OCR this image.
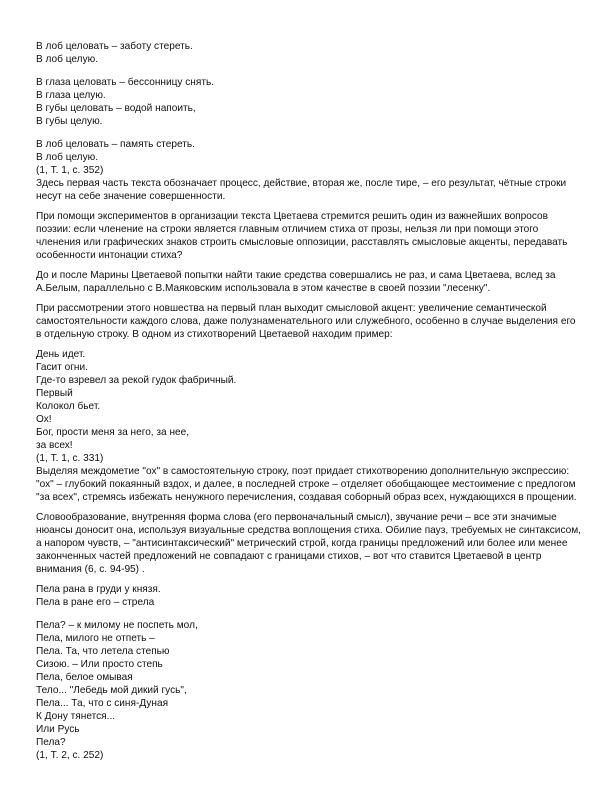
В лоб целовать – заботу стереть.
В лоб целую.
В глаза целовать – бессонницу снять.
В глаза целую.
В губы целовать – водой напоить,
В губы целую.
В лоб целовать – память стереть.
В лоб целую.
(1, Т. 1, с. 352)

Здесь первая часть текста обозначает процесс, действие, вторая же, после тире, – его результат, чётные строки несут на себе значение совершенности.

При помощи экспериментов в организации текста Цветаева стремится решить один из важнейших вопросов поэзии: если членение на строки является главным отличием стиха от прозы, нельзя ли при помощи этого членения или графических знаков строить смысловые оппозиции, расставлять смысловые акценты, передавать особенности интонации стиха?

До и после Марины Цветаевой попытки найти такие средства совершались не раз, и сама Цветаева, вслед за А.Белым, параллельно с В.Маяковским использовала в этом качестве в своей поэзии "лесенку".

При рассмотрении этого новшества на первый план выходит смысловой акцент: увеличение семантической самостоятельности каждого слова, даже полузнаменательного или служебного, особенно в случае выделения его в отдельную строку. В одном из стихотворений Цветаевой находим пример:

День идет.
Гасит огни.
Где-то взревел за рекой гудок фабричный.
Первый
Колокол бьет.
Ох!
Бог, прости меня за него, за нее,
за всех!
(1, Т. 1, с. 331)

Выделяя междометие "ох" в самостоятельную строку, поэт придает стихотворению дополнительную экспрессию: "ох" – глубокий покаянный вздох, и далее, в последней строке – отделяет обобщающее местоимение с предлогом "за всех", стремясь избежать ненужного перечисления, создавая соборный образ всех, нуждающихся в прощении.

Словообразование, внутренняя форма слова (его первоначальный смысл), звучание речи – все эти значимые нюансы доносит она, используя визуальные средства воплощения стиха. Обилие пауз, требуемых не синтаксисом, а напором чувств, – "антисинтаксический" метрический строй, когда границы предложений или более или менее законченных частей предложений не совпадают с границами стихов, – вот что ставится Цветаевой в центр внимания (6, с. 94-95) .

Пела рана в груди у князя.
Пела в ране его – стрела
Пела? – к милому не поспеть мол,
Пела, милого не отпеть –
Пела. Та, что летела степью
Сизою. – Или просто степь
Пела, белое омывая
Тело... "Лебедь мой дикий гусь",
Пела... Та, что с синя-Дуная
К Дону тянется...
Или Русь
Пела?
(1, Т. 2, с. 252)
